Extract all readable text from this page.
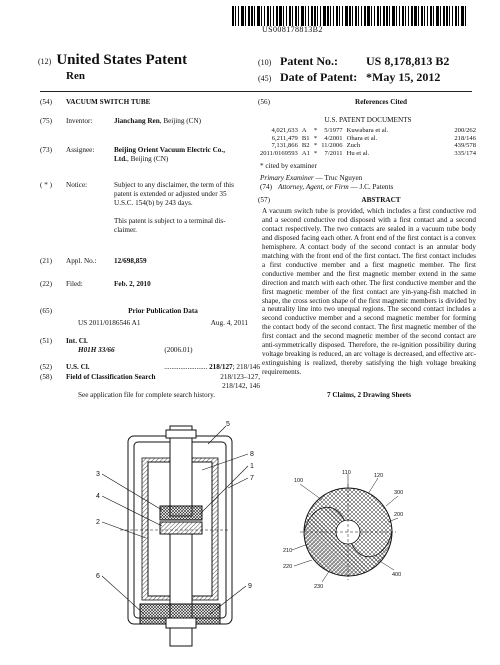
US008178813B2
(12) United States Patent
Ren
(10) Patent No.:	US 8,178,813 B2
(45) Date of Patent: *May 15, 2012
(54)	VACUUM SWITCH TUBE
(75)	Inventor:	Jianchang Ren, Beijing (CN)
(73)	Assignee:	Beijing Orient Vacuum Electric Co.,
Ltd., Beijing (CN)
( * )	Notice:	Subject to any disclaimer, the term of this
patent is extended or adjusted under 35
U.S.C. 154(b) by 243 days.

This patent is subject to a terminal dis-
claimer.
(21)	Appl. No.:	12/698,859
(22)	Filed:	Feb. 2, 2010
(65)	Prior Publication Data
US 2011/0186546 A1	Aug. 4, 2011
(51)	Int. Cl.
H01H 33/66	(2006.01)
(52)	U.S. Cl.	........................ 218/127; 218/146
(58)	Field of Classification Search	218/123–127,
218/142, 146
See application file for complete search history.
(56)	References Cited
U.S. PATENT DOCUMENTS
4,021,633	A	*	5/1977	Kuwabara et al.	200/262
6,211,479	B1	*	4/2001	Ohara et al.	218/146
7,131,866	B2	*	11/2006	Zuch	439/578
2011/0169593	A1	*	7/2011	Hu et al.	335/174
* cited by examiner
Primary Examiner — Truc Nguyen
(74) Attorney, Agent, or Firm — J.C. Patents
(57)	ABSTRACT
A vacuum switch tube is provided, which includes a first conductive rod and a second conductive rod disposed with a first contact and a second contact respectively. The two contacts are sealed in a vacuum tube body and disposed facing each other. A front end of the first contact is a convex hemisphere. A contact body of the second contact is an annular body matching with the front end of the first contact. The first contact includes a first conductive member and a first magnetic member. The first conductive member and the first magnetic member extend in the same direction and match with each other. The first conductive member and the first magnetic member of the first contact are yin-yang-fish matched in shape, the cross section shape of the first magnetic members is divided by a neutrality line into two unequal regions. The second contact includes a second conductive member and a second magnetic member for forming the contact body of the second contact. The first magnetic member of the first contact and the second magnetic member of the second contact are anti-symmetrically disposed. Therefore, the re-ignition possibility during voltage breaking is reduced, an arc voltage is decreased, and effective arc-extinguishing is realized, thereby satisfying the high voltage breaking requirements.
7 Claims, 2 Drawing Sheets
5
8
1
7
3
4
2
6
9
100
110	120
300
200
210
220
400
230
